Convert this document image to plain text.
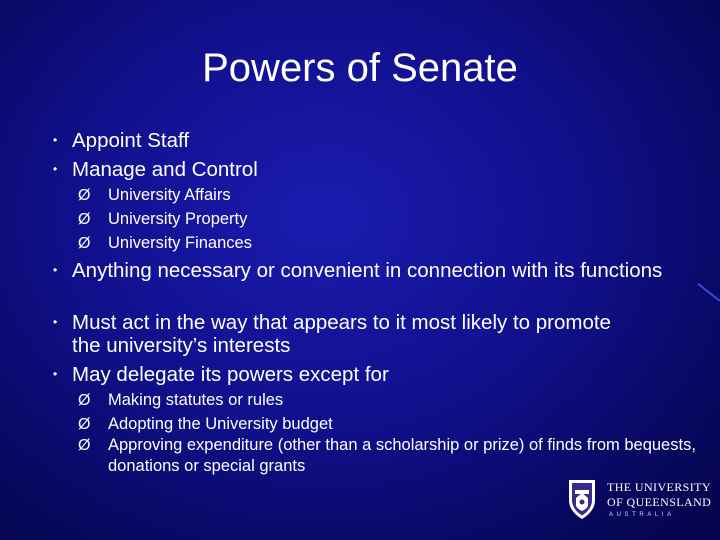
Powers of Senate
• Appoint Staff
• Manage and Control
Ø University Affairs
Ø University Property
Ø University Finances
• Anything necessary or convenient in connection with its functions
• Must act in the way that appears to it most likely to promote the university’s interests
• May delegate its powers except for
Ø Making statutes or rules
Ø Adopting the University budget
Ø Approving expenditure (other than a scholarship or prize) of finds from bequests, donations or special grants
THE UNIVERSITY
OF QUEENSLAND
AUSTRALIA
